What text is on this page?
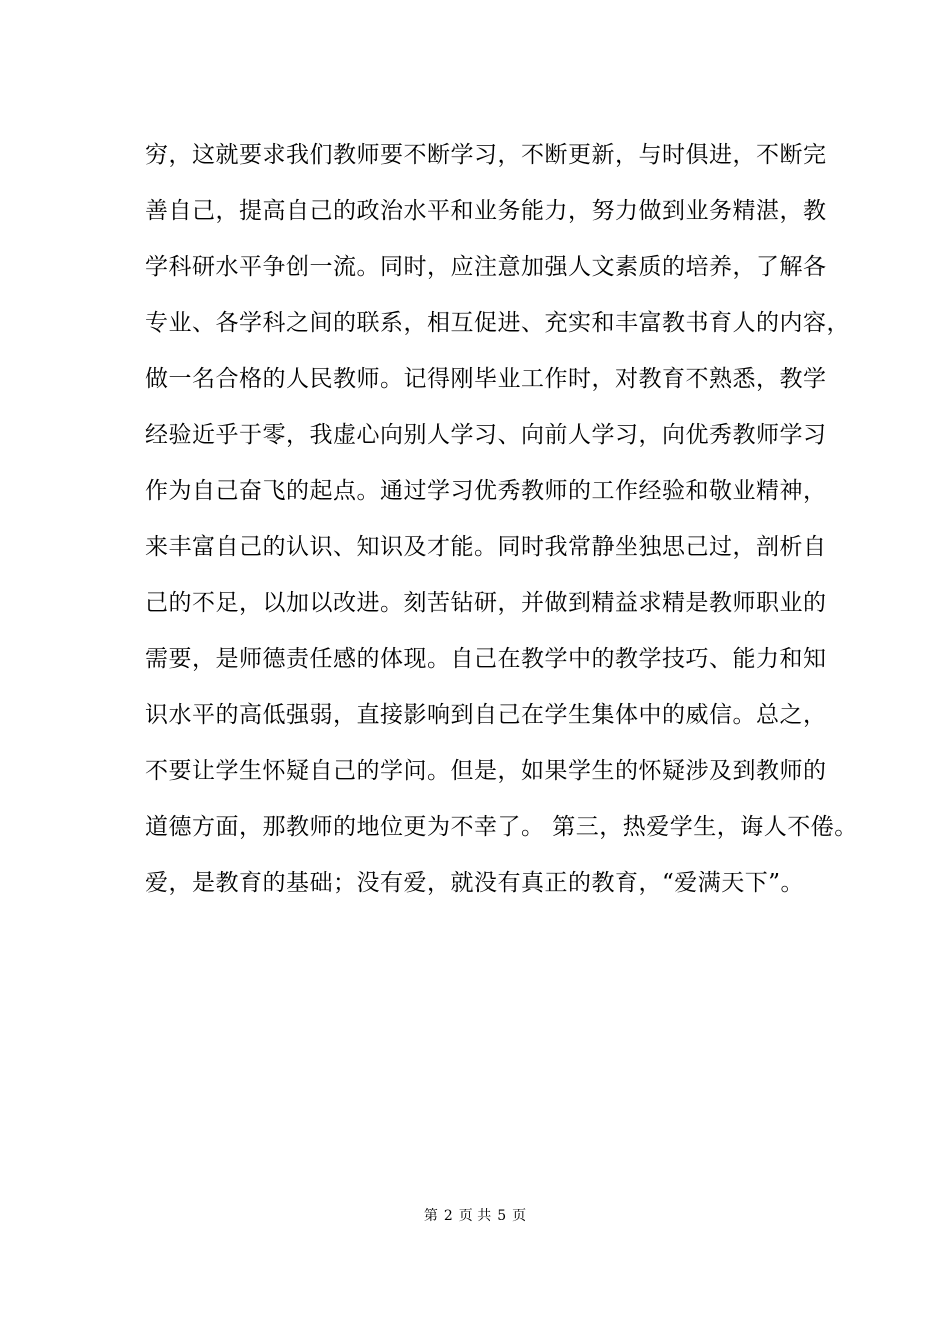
穷，这就要求我们教师要不断学习，不断更新，与时俱进，不断完
善自己，提高自己的政治水平和业务能力，努力做到业务精湛，教
学科研水平争创一流。同时，应注意加强人文素质的培养，了解各
专业、各学科之间的联系，相互促进、充实和丰富教书育人的内容，
做一名合格的人民教师。记得刚毕业工作时，对教育不熟悉，教学
经验近乎于零，我虚心向别人学习、向前人学习，向优秀教师学习
作为自己奋飞的起点。通过学习优秀教师的工作经验和敬业精神，
来丰富自己的认识、知识及才能。同时我常静坐独思己过，剖析自
己的不足，以加以改进。刻苦钻研，并做到精益求精是教师职业的
需要，是师德责任感的体现。自己在教学中的教学技巧、能力和知
识水平的高低强弱，直接影响到自己在学生集体中的威信。总之，
不要让学生怀疑自己的学问。但是，如果学生的怀疑涉及到教师的
道德方面，那教师的地位更为不幸了。 第三，热爱学生，诲人不倦。
爱，是教育的基础；没有爱，就没有真正的教育，“爱满天下”。
第 2 页 共 5 页
